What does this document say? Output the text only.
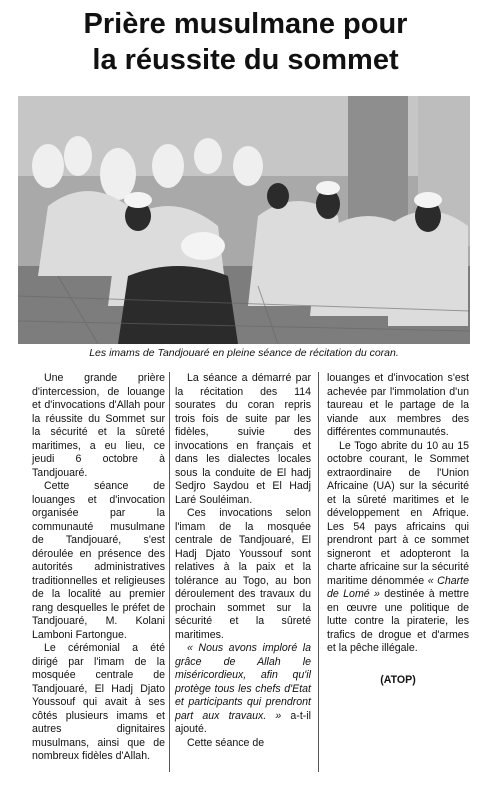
Prière musulmane pour
la réussite du sommet
Les imams de Tandjouaré en pleine séance de récitation du coran.

Une grande prière d'intercession, de louange et d'invocations d'Allah pour la réussite du Sommet sur la sécurité et la sûreté maritimes, a eu lieu, ce jeudi 6 octobre à Tandjouaré.

Cette séance de louanges et d'invocation organisée par la communauté musulmane de Tandjouaré, s'est déroulée en présence des autorités administratives traditionnelles et religieuses de la localité au premier rang desquelles le préfet de Tandjouaré, M. Kolani Lamboni Fartongue.

Le cérémonial a été dirigé par l'imam de la mosquée centrale de Tandjouaré, El Hadj Djato Youssouf qui avait à ses côtés plusieurs imams et autres dignitaires musulmans, ainsi que de nombreux fidèles d'Allah.

La séance a démarré par la récitation des 114 sourates du coran repris trois fois de suite par les fidèles, suivie des invocations en français et dans les dialectes locales sous la conduite de El hadj Sedjro Saydou et El Hadj Laré Souléiman.

Ces invocations selon l'imam de la mosquée centrale de Tandjouaré, El Hadj Djato Youssouf sont relatives à la paix et la tolérance au Togo, au bon déroulement des travaux du prochain sommet sur la sécurité et la sûreté maritimes.

« Nous avons imploré la grâce de Allah le miséricordieux, afin qu'il protège tous les chefs d'Etat et participants qui prendront part aux travaux. » a-t-il ajouté.

Cette séance de

louanges et d'invocation s'est achevée par l'immolation d'un taureau et le partage de la viande aux membres des différentes communautés.

Le Togo abrite du 10 au 15 octobre courant, le Sommet extraordinaire de l'Union Africaine (UA) sur la sécurité et la sûreté maritimes et le développement en Afrique. Les 54 pays africains qui prendront part à ce sommet signeront et adopteront la charte africaine sur la sécurité maritime dénommée « Charte de Lomé » destinée à mettre en œuvre une politique de lutte contre la piraterie, les trafics de drogue et d'armes et la pêche illégale.

(ATOP)
